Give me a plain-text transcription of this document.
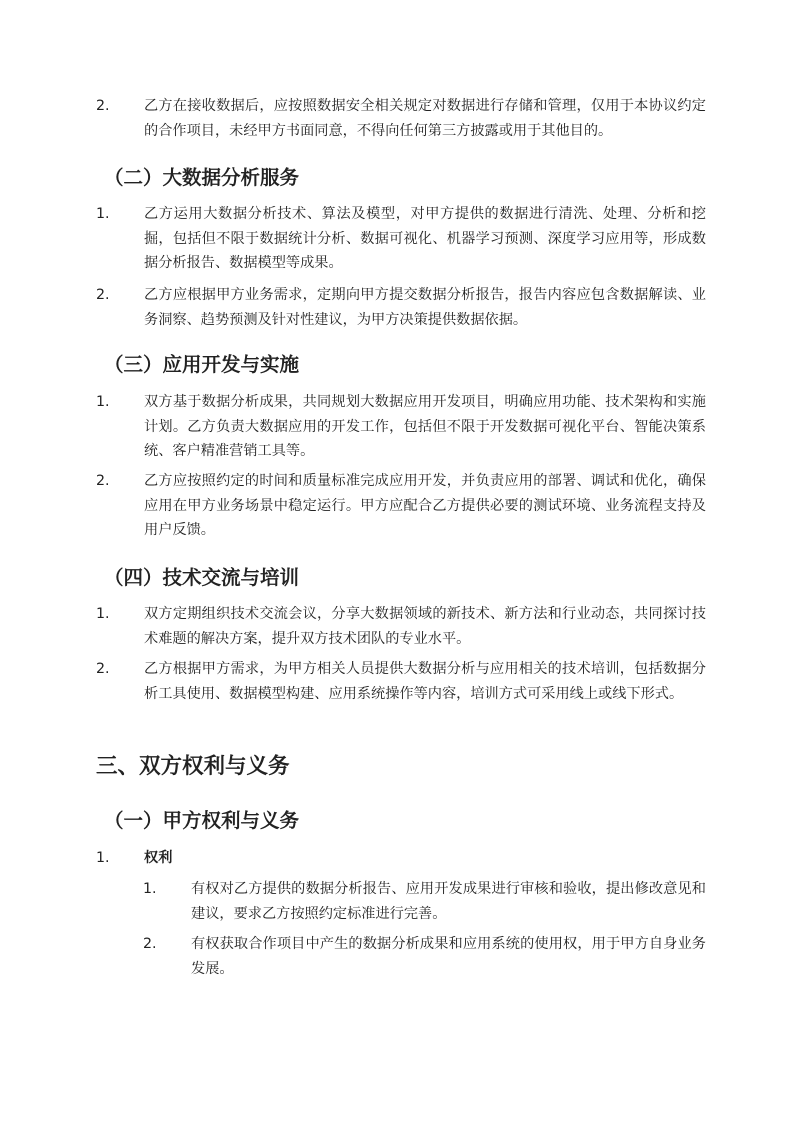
2. 乙方在接收数据后，应按照数据安全相关规定对数据进行存储和管理，仅用于本协议约定的合作项目，未经甲方书面同意，不得向任何第三方披露或用于其他目的。
（二）大数据分析服务
1. 乙方运用大数据分析技术、算法及模型，对甲方提供的数据进行清洗、处理、分析和挖掘，包括但不限于数据统计分析、数据可视化、机器学习预测、深度学习应用等，形成数据分析报告、数据模型等成果。
2. 乙方应根据甲方业务需求，定期向甲方提交数据分析报告，报告内容应包含数据解读、业务洞察、趋势预测及针对性建议，为甲方决策提供数据依据。
（三）应用开发与实施
1. 双方基于数据分析成果，共同规划大数据应用开发项目，明确应用功能、技术架构和实施计划。乙方负责大数据应用的开发工作，包括但不限于开发数据可视化平台、智能决策系统、客户精准营销工具等。
2. 乙方应按照约定的时间和质量标准完成应用开发，并负责应用的部署、调试和优化，确保应用在甲方业务场景中稳定运行。甲方应配合乙方提供必要的测试环境、业务流程支持及用户反馈。
（四）技术交流与培训
1. 双方定期组织技术交流会议，分享大数据领域的新技术、新方法和行业动态，共同探讨技术难题的解决方案，提升双方技术团队的专业水平。
2. 乙方根据甲方需求，为甲方相关人员提供大数据分析与应用相关的技术培训，包括数据分析工具使用、数据模型构建、应用系统操作等内容，培训方式可采用线上或线下形式。
三、双方权利与义务
（一）甲方权利与义务
1. 权利
1. 有权对乙方提供的数据分析报告、应用开发成果进行审核和验收，提出修改意见和建议，要求乙方按照约定标准进行完善。
2. 有权获取合作项目中产生的数据分析成果和应用系统的使用权，用于甲方自身业务发展。
